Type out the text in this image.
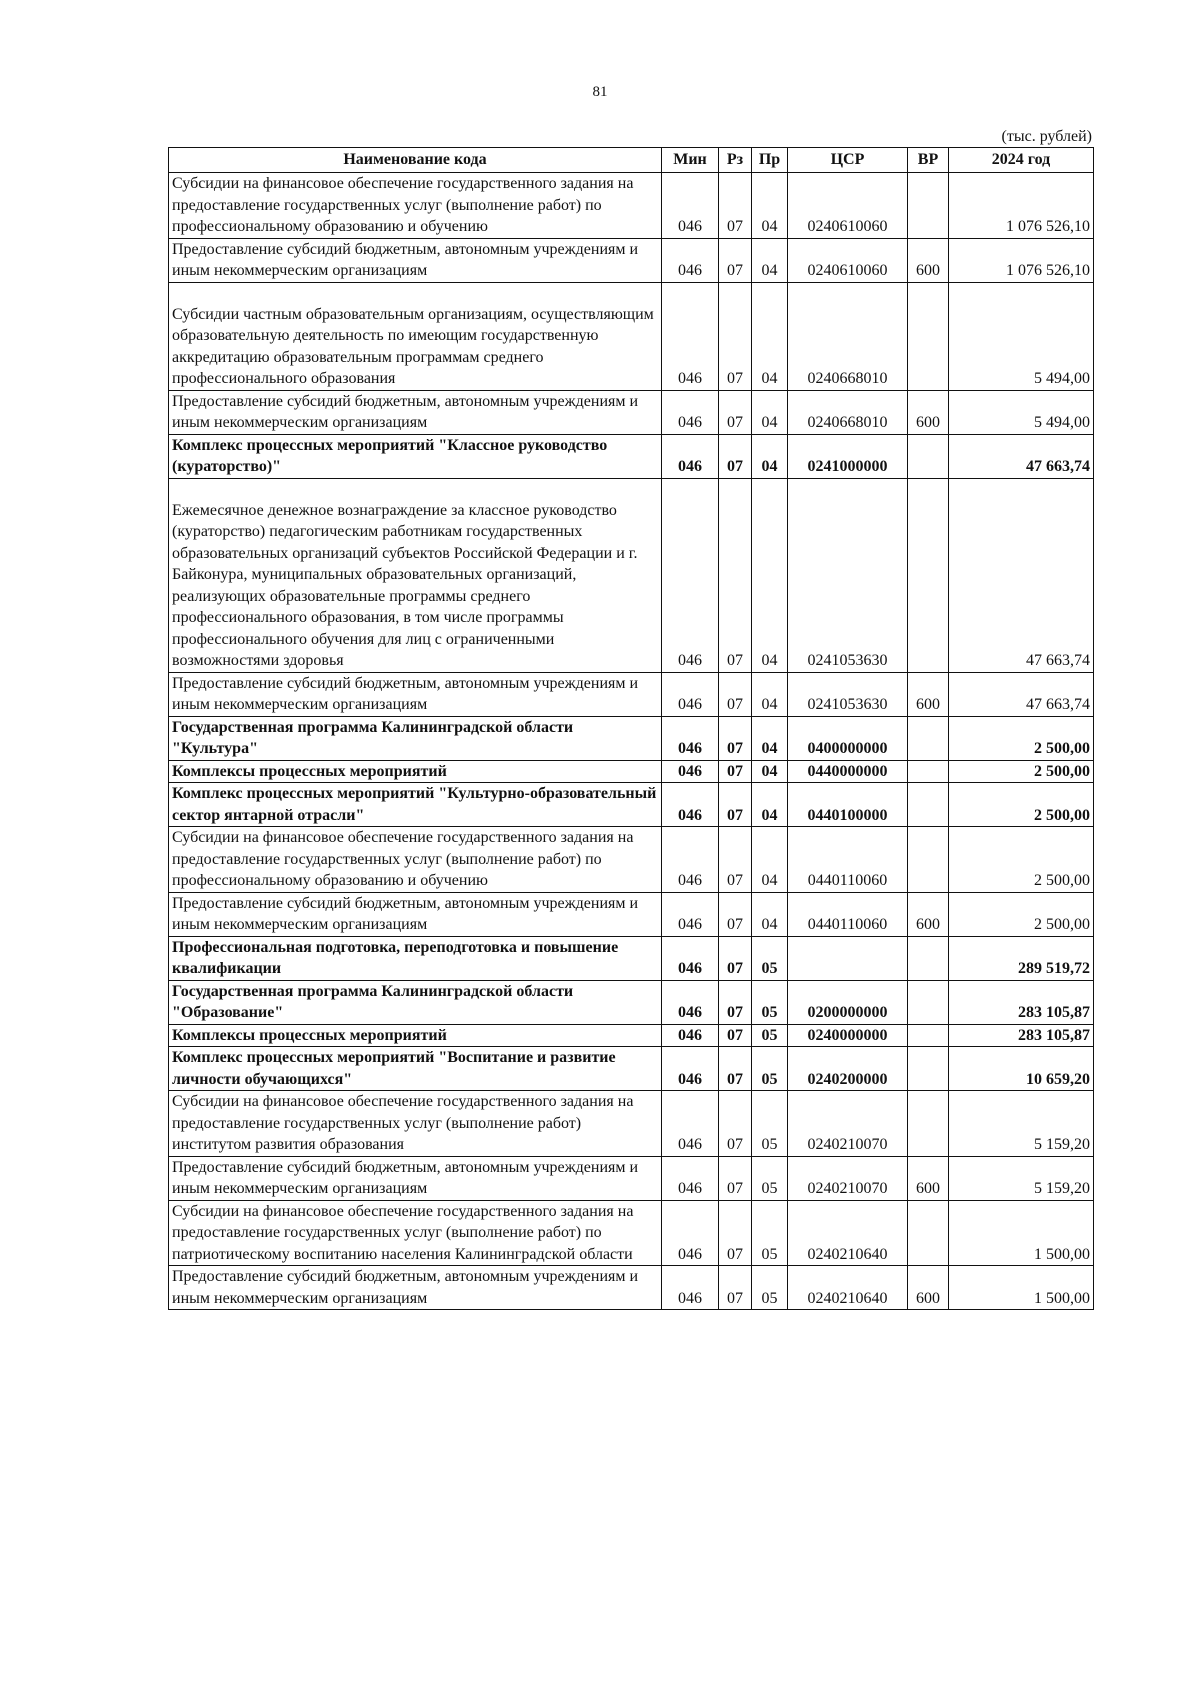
81
(тыс. рублей)
Наименование кода	Мин	Рз	Пр	ЦСР	ВР	2024 год
Субсидии на финансовое обеспечение государственного задания на предоставление государственных услуг (выполнение работ) по профессиональному образованию и обучению	046	07	04	0240610060		1 076 526,10
Предоставление субсидий бюджетным, автономным учреждениям и иным некоммерческим организациям	046	07	04	0240610060	600	1 076 526,10

Субсидии частным образовательным организациям, осуществляющим образовательную деятельность по имеющим государственную аккредитацию образовательным программам среднего профессионального образования	046	07	04	0240668010		5 494,00
Предоставление субсидий бюджетным, автономным учреждениям и иным некоммерческим организациям	046	07	04	0240668010	600	5 494,00
Комплекс процессных мероприятий "Классное руководство (кураторство)"	046	07	04	0241000000		47 663,74

Ежемесячное денежное вознаграждение за классное руководство (кураторство) педагогическим работникам государственных образовательных организаций субъектов Российской Федерации и г. Байконура, муниципальных образовательных организаций, реализующих образовательные программы среднего профессионального образования, в том числе программы профессионального обучения для лиц с ограниченными возможностями здоровья	046	07	04	0241053630		47 663,74
Предоставление субсидий бюджетным, автономным учреждениям и иным некоммерческим организациям	046	07	04	0241053630	600	47 663,74
Государственная программа Калининградской области "Культура"	046	07	04	0400000000		2 500,00
Комплексы процессных мероприятий	046	07	04	0440000000		2 500,00
Комплекс процессных мероприятий "Культурно-образовательный сектор янтарной отрасли"	046	07	04	0440100000		2 500,00
Субсидии на финансовое обеспечение государственного задания на предоставление государственных услуг (выполнение работ) по профессиональному образованию и обучению	046	07	04	0440110060		2 500,00
Предоставление субсидий бюджетным, автономным учреждениям и иным некоммерческим организациям	046	07	04	0440110060	600	2 500,00
Профессиональная подготовка, переподготовка и повышение квалификации	046	07	05			289 519,72
Государственная программа Калининградской области "Образование"	046	07	05	0200000000		283 105,87
Комплексы процессных мероприятий	046	07	05	0240000000		283 105,87
Комплекс процессных мероприятий "Воспитание и развитие личности обучающихся"	046	07	05	0240200000		10 659,20
Субсидии на финансовое обеспечение государственного задания на предоставление государственных услуг (выполнение работ) институтом развития образования	046	07	05	0240210070		5 159,20
Предоставление субсидий бюджетным, автономным учреждениям и иным некоммерческим организациям	046	07	05	0240210070	600	5 159,20
Субсидии на финансовое обеспечение государственного задания на предоставление государственных услуг (выполнение работ) по патриотическому воспитанию населения Калининградской области	046	07	05	0240210640		1 500,00
Предоставление субсидий бюджетным, автономным учреждениям и иным некоммерческим организациям	046	07	05	0240210640	600	1 500,00
